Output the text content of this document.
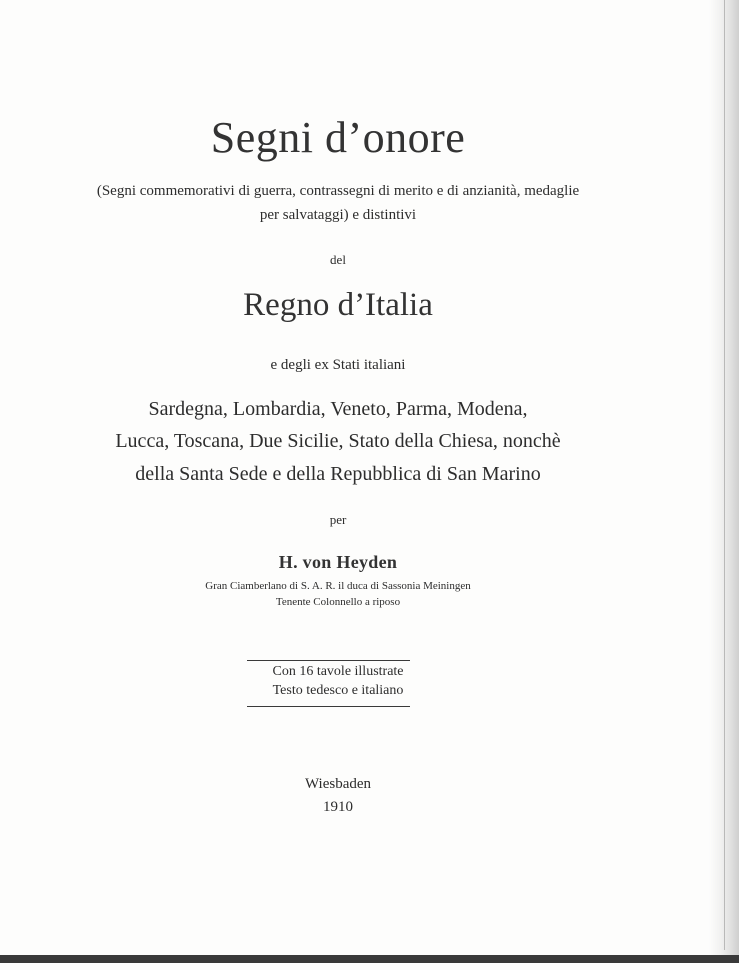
Segni d’onore
(Segni commemorativi di guerra, contrassegni di merito e di anzianità, medaglie
per salvataggi) e distintivi
del
Regno d’Italia
e degli ex Stati italiani
Sardegna, Lombardia, Veneto, Parma, Modena,
Lucca, Toscana, Due Sicilie, Stato della Chiesa, nonchè
della Santa Sede e della Repubblica di San Marino
per
H. von Heyden
Gran Ciamberlano di S. A. R. il duca di Sassonia Meiningen
Tenente Colonnello a riposo
Con 16 tavole illustrate
Testo tedesco e italiano
Wiesbaden
1910
